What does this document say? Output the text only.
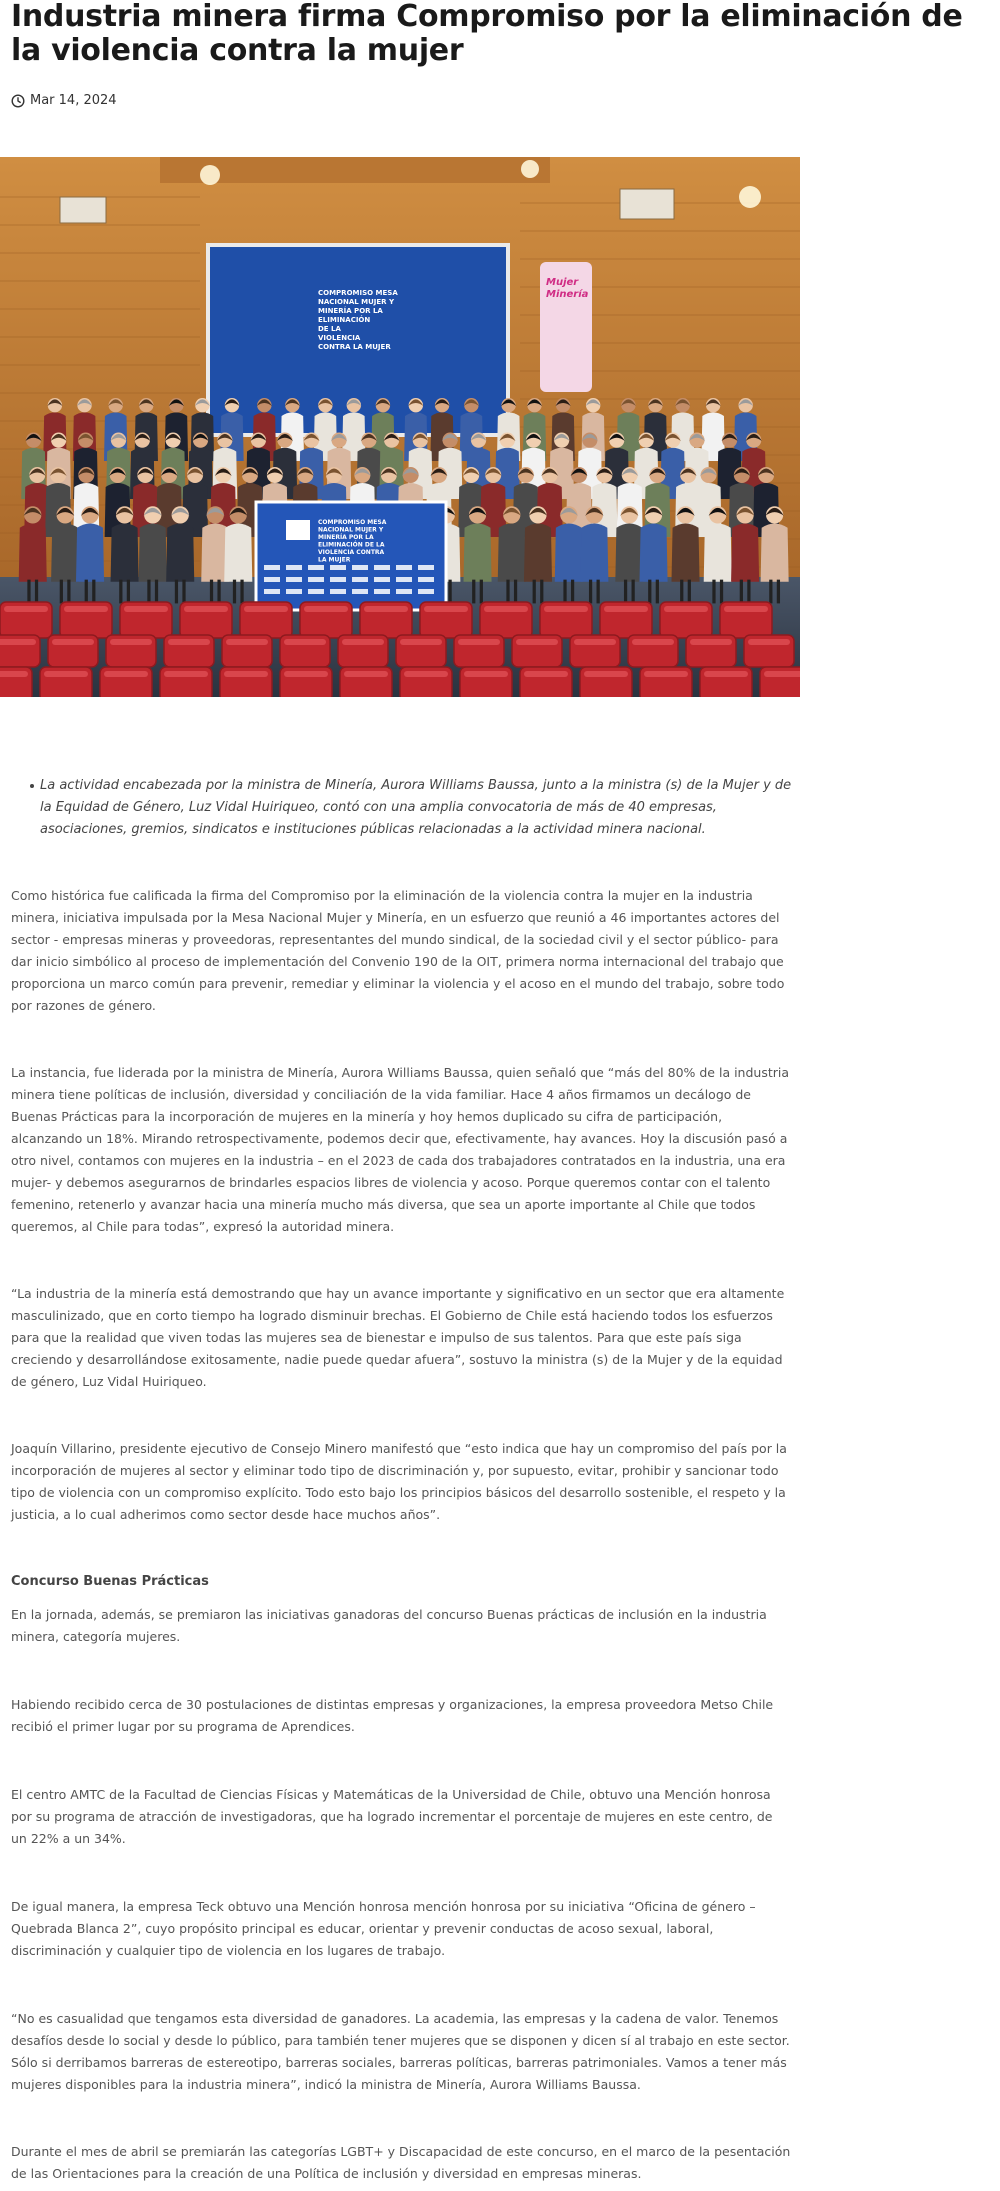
Industria minera firma Compromiso por la eliminación de la violencia contra la mujer
Mar 14, 2024
COMPROMISO MESA NACIONAL MUJER Y MINERÍA POR LA ELIMINACIÓN DE LA VIOLENCIA CONTRA LA MUJER
Mujer Minería
COMPROMISO MESA NACIONAL MUJER Y MINERÍA POR LA ELIMINACIÓN DE LA VIOLENCIA CONTRA LA MUJER
La actividad encabezada por la ministra de Minería, Aurora Williams Baussa, junto a la ministra (s) de la Mujer y de la Equidad de Género, Luz Vidal Huiriqueo, contó con una amplia convocatoria de más de 40 empresas, asociaciones, gremios, sindicatos e instituciones públicas relacionadas a la actividad minera nacional.

Como histórica fue calificada la firma del Compromiso por la eliminación de la violencia contra la mujer en la industria minera, iniciativa impulsada por la Mesa Nacional Mujer y Minería, en un esfuerzo que reunió a 46 importantes actores del sector - empresas mineras y proveedoras, representantes del mundo sindical, de la sociedad civil y el sector público- para dar inicio simbólico al proceso de implementación del Convenio 190 de la OIT, primera norma internacional del trabajo que proporciona un marco común para prevenir, remediar y eliminar la violencia y el acoso en el mundo del trabajo, sobre todo por razones de género.

La instancia, fue liderada por la ministra de Minería, Aurora Williams Baussa, quien señaló que “más del 80% de la industria minera tiene políticas de inclusión, diversidad y conciliación de la vida familiar. Hace 4 años firmamos un decálogo de Buenas Prácticas para la incorporación de mujeres en la minería y hoy hemos duplicado su cifra de participación, alcanzando un 18%. Mirando retrospectivamente, podemos decir que, efectivamente, hay avances. Hoy la discusión pasó a otro nivel, contamos con mujeres en la industria – en el 2023 de cada dos trabajadores contratados en la industria, una era mujer- y debemos asegurarnos de brindarles espacios libres de violencia y acoso. Porque queremos contar con el talento femenino, retenerlo y avanzar hacia una minería mucho más diversa, que sea un aporte importante al Chile que todos queremos, al Chile para todas”, expresó la autoridad minera.

“La industria de la minería está demostrando que hay un avance importante y significativo en un sector que era altamente masculinizado, que en corto tiempo ha logrado disminuir brechas. El Gobierno de Chile está haciendo todos los esfuerzos para que la realidad que viven todas las mujeres sea de bienestar e impulso de sus talentos. Para que este país siga creciendo y desarrollándose exitosamente, nadie puede quedar afuera”, sostuvo la ministra (s) de la Mujer y de la equidad de género, Luz Vidal Huiriqueo.

Joaquín Villarino, presidente ejecutivo de Consejo Minero manifestó que “esto indica que hay un compromiso del país por la incorporación de mujeres al sector y eliminar todo tipo de discriminación y, por supuesto, evitar, prohibir y sancionar todo tipo de violencia con un compromiso explícito. Todo esto bajo los principios básicos del desarrollo sostenible, el respeto y la justicia, a lo cual adherimos como sector desde hace muchos años”.

Concurso Buenas Prácticas

En la jornada, además, se premiaron las iniciativas ganadoras del concurso Buenas prácticas de inclusión en la industria minera, categoría mujeres.

Habiendo recibido cerca de 30 postulaciones de distintas empresas y organizaciones, la empresa proveedora Metso Chile recibió el primer lugar por su programa de Aprendices.

El centro AMTC de la Facultad de Ciencias Físicas y Matemáticas de la Universidad de Chile, obtuvo una Mención honrosa por su programa de atracción de investigadoras, que ha logrado incrementar el porcentaje de mujeres en este centro, de un 22% a un 34%.

De igual manera, la empresa Teck obtuvo una Mención honrosa mención honrosa por su iniciativa “Oficina de género – Quebrada Blanca 2”, cuyo propósito principal es educar, orientar y prevenir conductas de acoso sexual, laboral, discriminación y cualquier tipo de violencia en los lugares de trabajo.

“No es casualidad que tengamos esta diversidad de ganadores. La academia, las empresas y la cadena de valor. Tenemos desafíos desde lo social y desde lo público, para también tener mujeres que se disponen y dicen sí al trabajo en este sector. Sólo si derribamos barreras de estereotipo, barreras sociales, barreras políticas, barreras patrimoniales. Vamos a tener más mujeres disponibles para la industria minera”, indicó la ministra de Minería, Aurora Williams Baussa.

Durante el mes de abril se premiarán las categorías LGBT+ y Discapacidad de este concurso, en el marco de la pesentación de las Orientaciones para la creación de una Política de inclusión y diversidad en empresas mineras.
